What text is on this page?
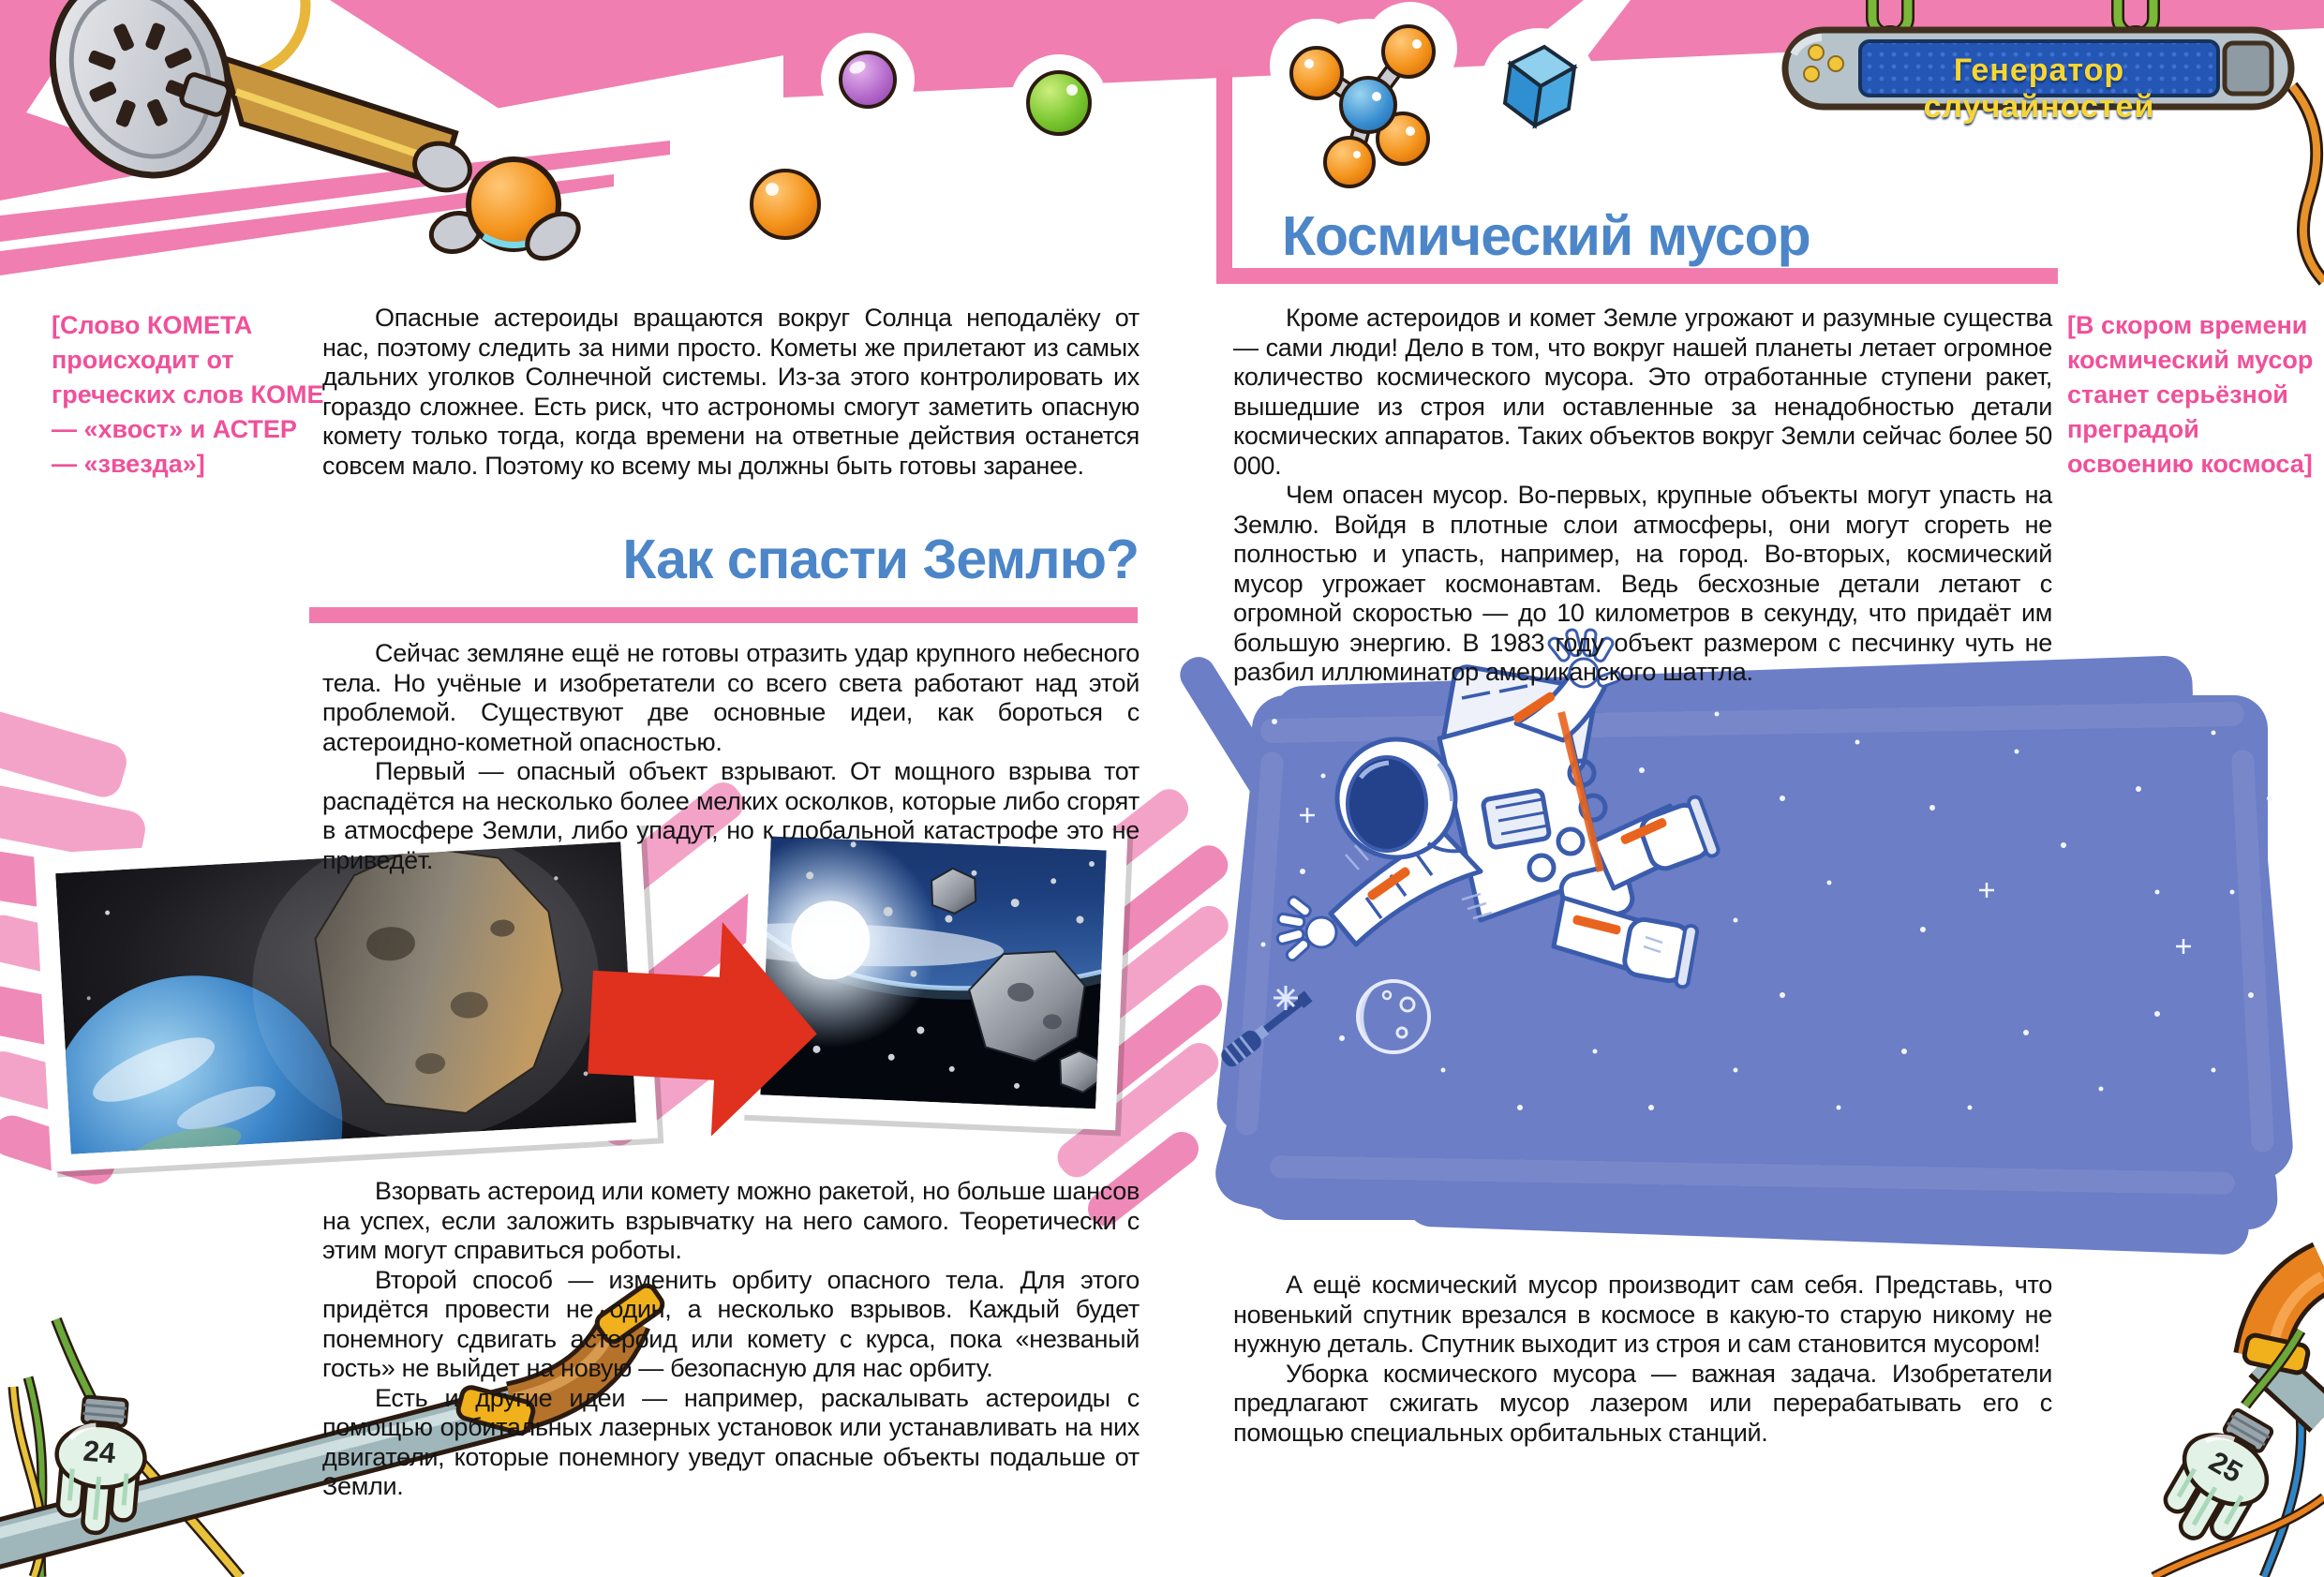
[Слово КОМЕТА происходит от греческих слов КОМЕ — «хвост» и АСТЕР — «звезда»]

Опасные астероиды вращаются вокруг Солнца неподалёку от нас, поэтому следить за ними просто. Кометы же прилетают из самых дальних уголков Солнечной системы. Из-за этого контролировать их гораздо сложнее. Есть риск, что астрономы смогут заметить опасную комету только тогда, когда времени на ответные действия останется совсем мало. Поэтому ко всему мы должны быть готовы заранее.

Как спасти Землю?

Сейчас земляне ещё не готовы отразить удар крупного небесного тела. Но учёные и изобретатели со всего света работают над этой проблемой. Существуют две основные идеи, как бороться с астероидно-кометной опасностью.

Первый — опасный объект взрывают. От мощного взрыва тот распадётся на несколько более мелких осколков, которые либо сгорят в атмосфере Земли, либо упадут, но к глобальной катастрофе это не приведёт.

Взорвать астероид или комету можно ракетой, но больше шансов на успех, если заложить взрывчатку на него самого. Теоретически с этим могут справиться роботы.

Второй способ — изменить орбиту опасного тела. Для этого придётся провести не один, а несколько взрывов. Каждый будет понемногу сдвигать астероид или комету с курса, пока «незваный гость» не выйдет на новую — безопасную для нас орбиту.

Есть и другие идеи — например, раскалывать астероиды с помощью орбитальных лазерных установок или устанавливать на них двигатели, которые понемногу уведут опасные объекты подальше от Земли.

Космический мусор

Кроме астероидов и комет Земле угрожают и разумные существа — сами люди! Дело в том, что вокруг нашей планеты летает огромное количество космического мусора. Это отработанные ступени ракет, вышедшие из строя или оставленные за ненадобностью детали космических аппаратов. Таких объектов вокруг Земли сейчас более 50 000.

Чем опасен мусор. Во-первых, крупные объекты могут упасть на Землю. Войдя в плотные слои атмосферы, они могут сгореть не полностью и упасть, например, на город. Во-вторых, космический мусор угрожает космонавтам. Ведь бесхозные детали летают с огромной скоростью — до 10 километров в секунду, что придаёт им большую энергию. В 1983 году объект размером с песчинку чуть не разбил иллюминатор американского шаттла.

[В скором времени космический мусор станет серьёзной преградой освоению космоса]

А ещё космический мусор производит сам себя. Представь, что новенький спутник врезался в космосе в какую-то старую никому не нужную деталь. Спутник выходит из строя и сам становится мусором!

Уборка космического мусора — важная задача. Изобретатели предлагают сжигать мусор лазером или перерабатывать его с помощью специальных орбитальных станций.

Генератор случайностей
24	25
